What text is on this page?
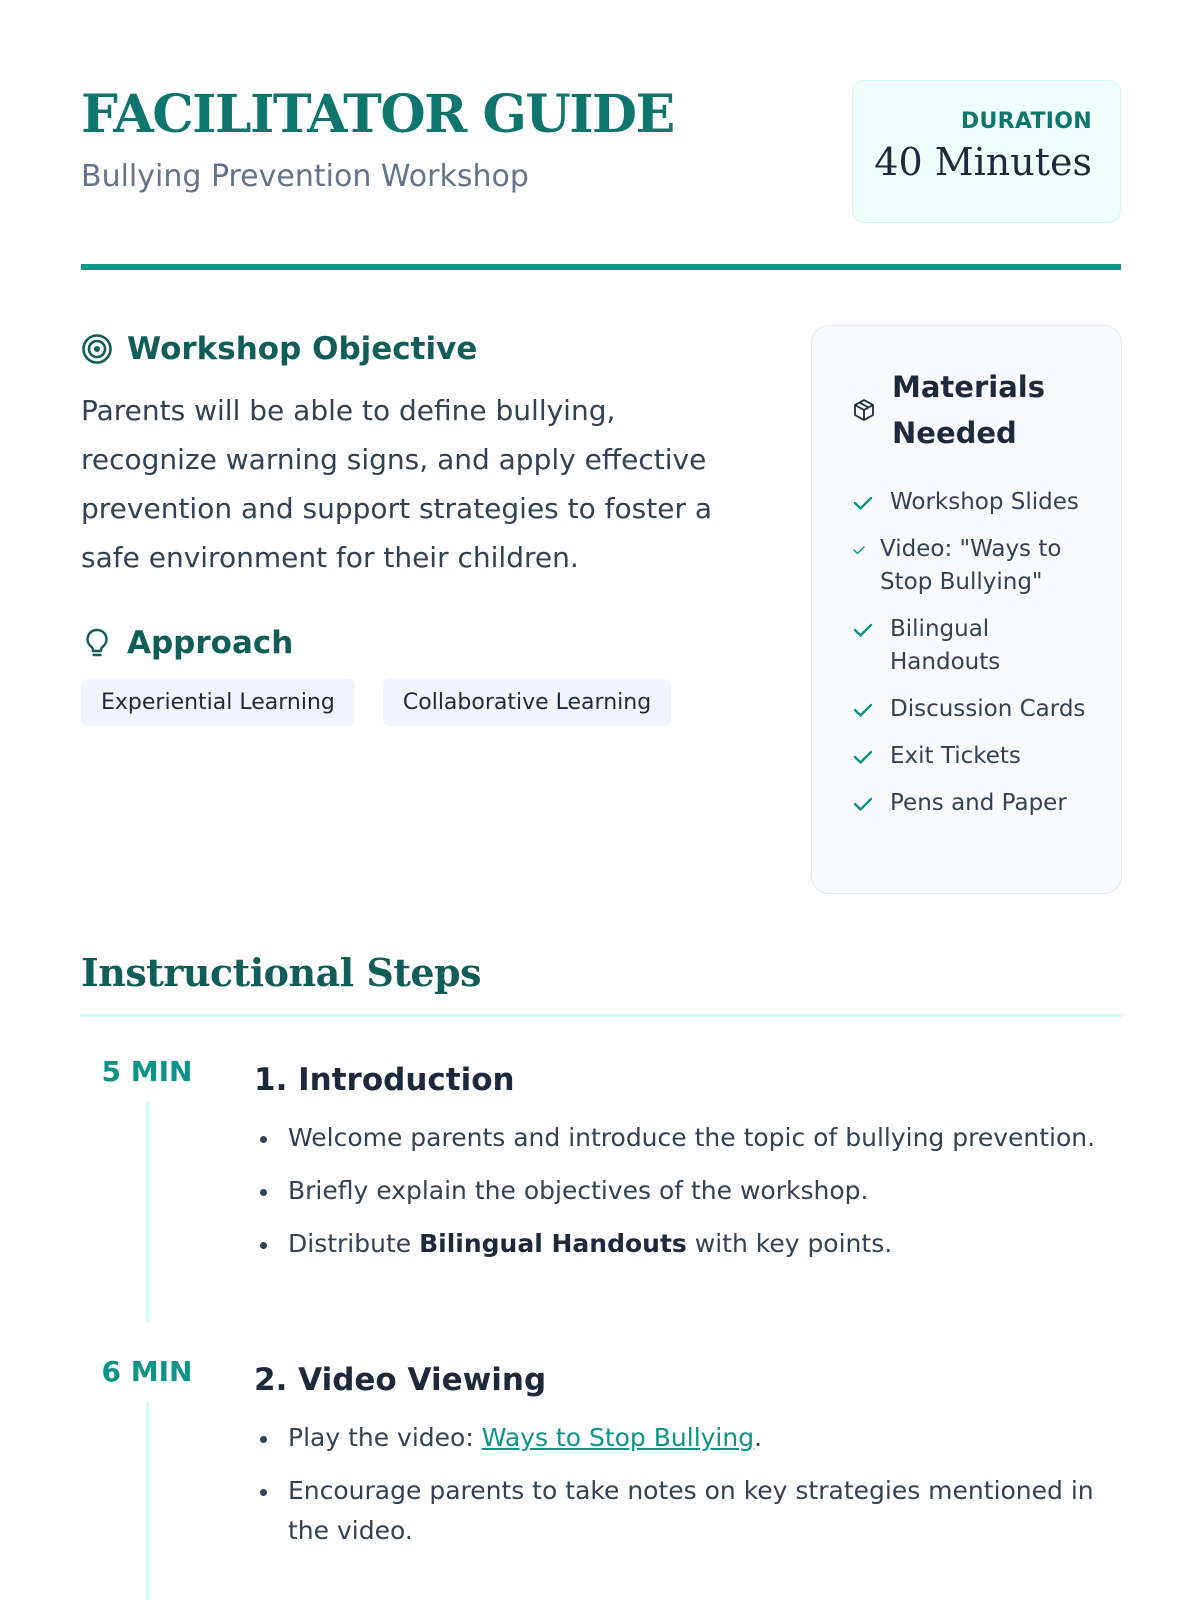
FACILITATOR GUIDE
Bullying Prevention Workshop
DURATION
40 Minutes
Workshop Objective

Parents will be able to define bullying, recognize warning signs, and apply effective prevention and support strategies to foster a safe environment for their children.

Approach
Experiential Learning	Collaborative Learning
Materials Needed
Workshop Slides
Video: "Ways to Stop Bullying"
Bilingual Handouts
Discussion Cards
Exit Tickets
Pens and Paper
Instructional Steps
5 MIN	1. Introduction
Welcome parents and introduce the topic of bullying prevention.
Briefly explain the objectives of the workshop.
Distribute Bilingual Handouts with key points.
6 MIN	2. Video Viewing
Play the video: Ways to Stop Bullying.
Encourage parents to take notes on key strategies mentioned in the video.
